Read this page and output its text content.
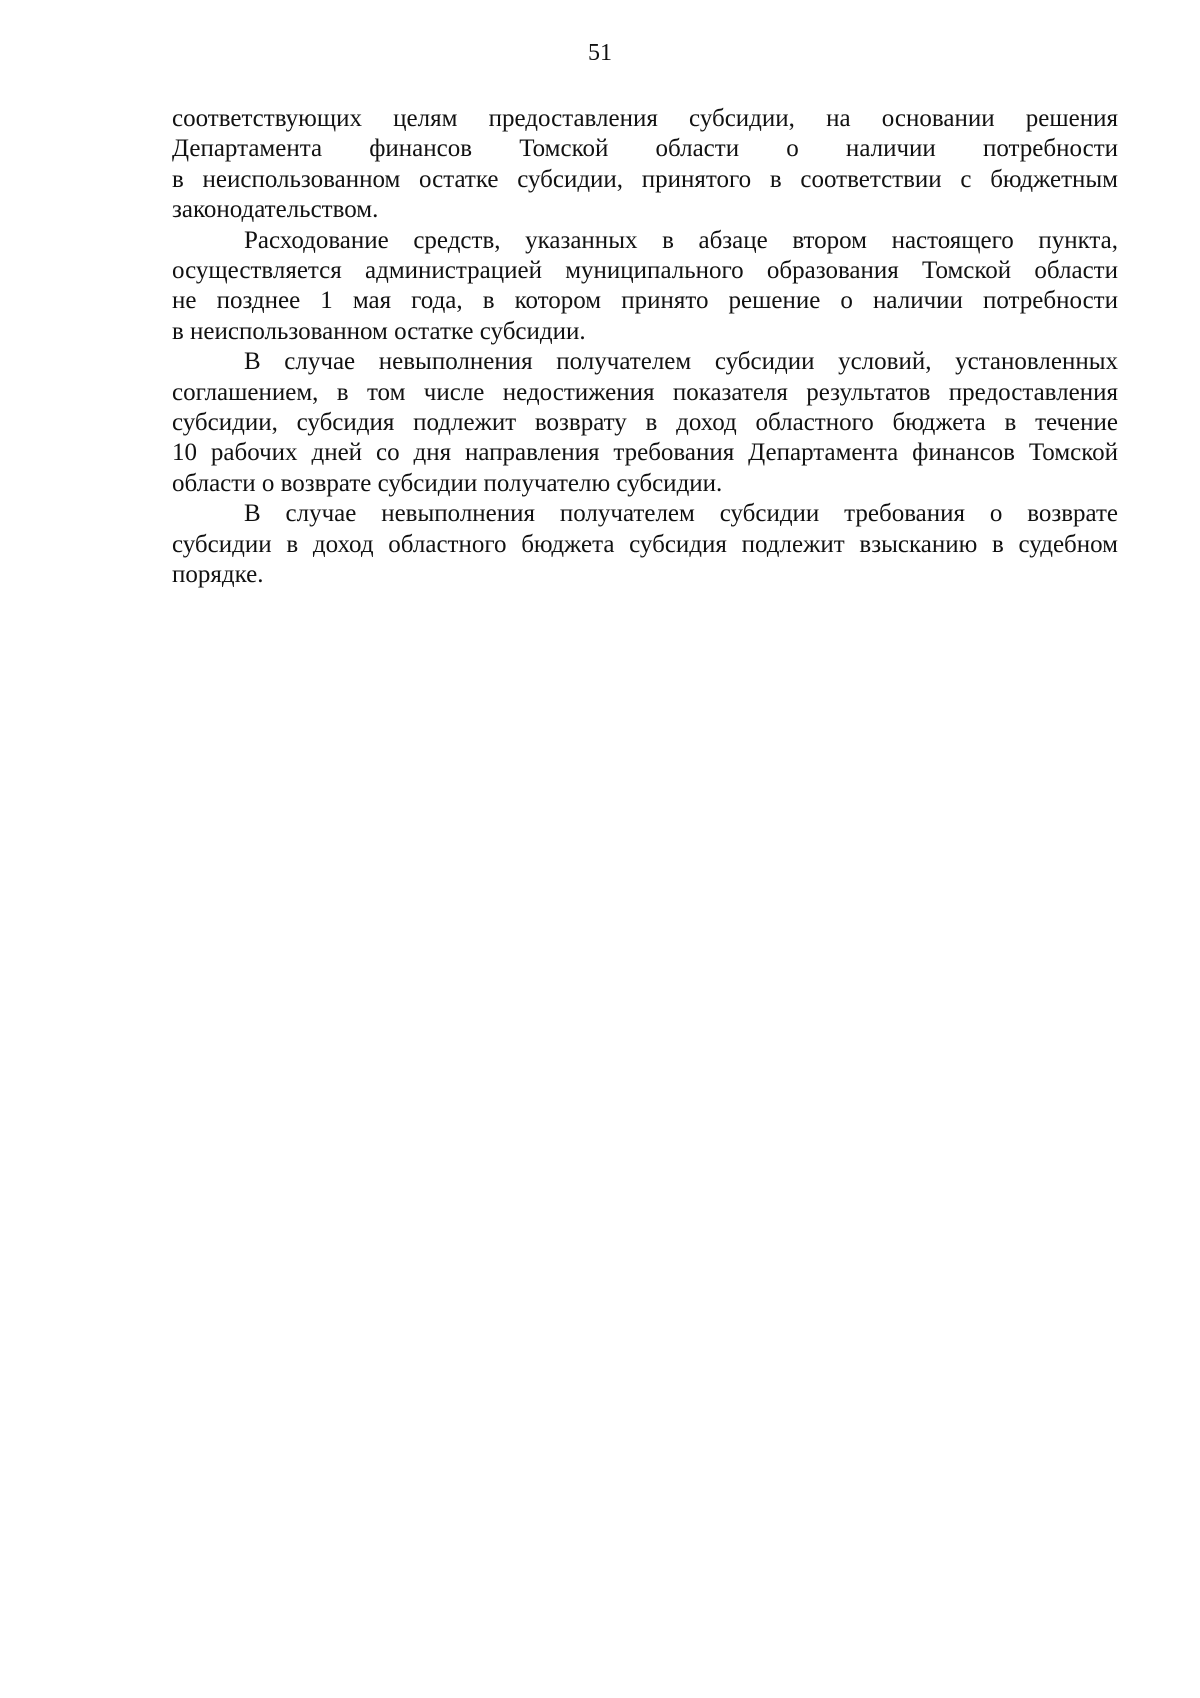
51

соответствующих целям предоставления субсидии, на основании решения
Департамента финансов Томской области о наличии потребности
в неиспользованном остатке субсидии, принятого в соответствии с бюджетным
законодательством.

Расходование средств, указанных в абзаце втором настоящего пункта,
осуществляется администрацией муниципального образования Томской области
не позднее 1 мая года, в котором принято решение о наличии потребности
в неиспользованном остатке субсидии.

В случае невыполнения получателем субсидии условий, установленных
соглашением, в том числе недостижения показателя результатов предоставления
субсидии, субсидия подлежит возврату в доход областного бюджета в течение
10 рабочих дней со дня направления требования Департамента финансов Томской
области о возврате субсидии получателю субсидии.

В случае невыполнения получателем субсидии требования о возврате
субсидии в доход областного бюджета субсидия подлежит взысканию в судебном
порядке.
